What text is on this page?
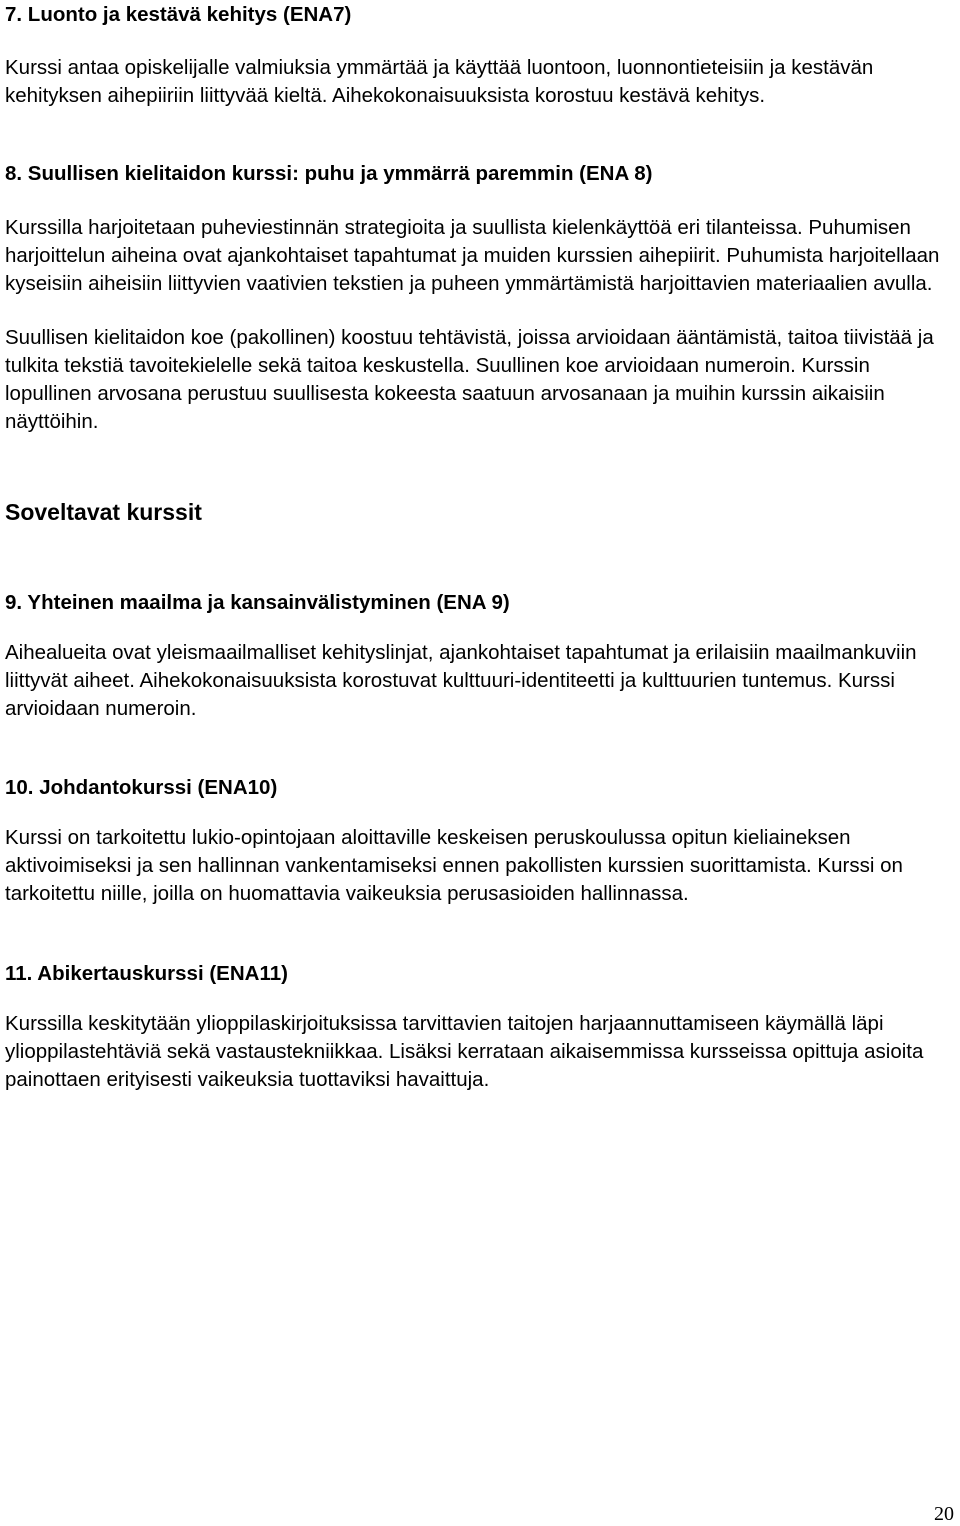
7. Luonto ja kestävä kehitys (ENA7)

Kurssi antaa opiskelijalle valmiuksia ymmärtää ja käyttää luontoon, luonnontieteisiin ja kestävän kehityksen aihepiiriin liittyvää kieltä. Aihekokonaisuuksista korostuu kestävä kehitys.

8. Suullisen kielitaidon kurssi: puhu ja ymmärrä paremmin (ENA 8)

Kurssilla harjoitetaan puheviestinnän strategioita ja suullista kielenkäyttöä eri tilanteissa. Puhumisen harjoittelun aiheina ovat ajankohtaiset tapahtumat ja muiden kurssien aihepiirit. Puhumista harjoitellaan kyseisiin aiheisiin liittyvien vaativien tekstien ja puheen ymmärtämistä harjoittavien materiaalien avulla.

Suullisen kielitaidon koe (pakollinen) koostuu tehtävistä, joissa arvioidaan ääntämistä, taitoa tiivistää ja tulkita tekstiä tavoitekielelle sekä taitoa keskustella. Suullinen koe arvioidaan numeroin. Kurssin lopullinen arvosana perustuu suullisesta kokeesta saatuun arvosanaan ja muihin kurssin aikaisiin näyttöihin.

Soveltavat kurssit
9. Yhteinen maailma ja kansainvälistyminen (ENA 9)

Aihealueita ovat yleismaailmalliset kehityslinjat, ajankohtaiset tapahtumat ja erilaisiin maailmankuviin liittyvät aiheet. Aihekokonaisuuksista korostuvat kulttuuri-identiteetti ja kulttuurien tuntemus. Kurssi arvioidaan numeroin.

10. Johdantokurssi (ENA10)

Kurssi on tarkoitettu lukio-opintojaan aloittaville keskeisen peruskoulussa opitun kieliaineksen aktivoimiseksi ja sen hallinnan vankentamiseksi ennen pakollisten kurssien suorittamista. Kurssi on tarkoitettu niille, joilla on huomattavia vaikeuksia perusasioiden hallinnassa.

11. Abikertauskurssi (ENA11)

Kurssilla keskitytään ylioppilaskirjoituksissa tarvittavien taitojen harjaannuttamiseen käymällä läpi ylioppilastehtäviä sekä vastaustekniikkaa. Lisäksi kerrataan aikaisemmissa kursseissa opittuja asioita painottaen erityisesti vaikeuksia tuottaviksi havaittuja.

20
